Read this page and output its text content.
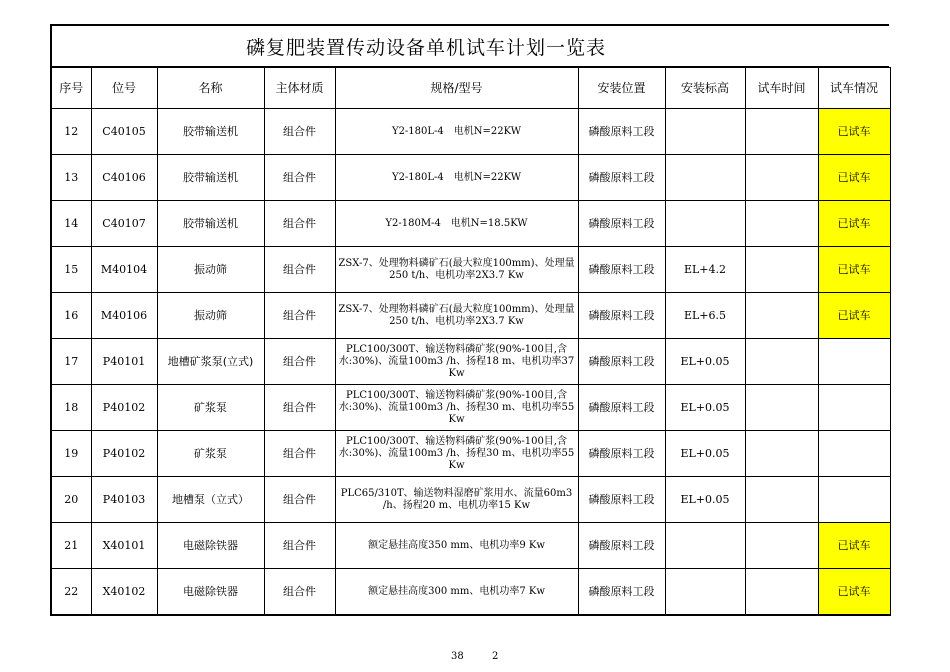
磷复肥装置传动设备单机试车计划一览表
序号	位号	名称	主体材质	规格/型号	安装位置	安装标高	试车时间	试车情况
12	C40105	胶带输送机	组合件	Y2-180L-4　电机N=22KW	磷酸原料工段			已试车
13	C40106	胶带输送机	组合件	Y2-180L-4　电机N=22KW	磷酸原料工段			已试车
14	C40107	胶带输送机	组合件	Y2-180M-4　电机N=18.5KW	磷酸原料工段			已试车
15	M40104	振动筛	组合件	ZSX-7、处理物料磷矿石(最大粒度100mm)、处理量250 t/h、电机功率2X3.7 Kw	磷酸原料工段	EL+4.2		已试车
16	M40106	振动筛	组合件	ZSX-7、处理物料磷矿石(最大粒度100mm)、处理量250 t/h、电机功率2X3.7 Kw	磷酸原料工段	EL+6.5		已试车
17	P40101	地槽矿浆泵(立式)	组合件	PLC100/300T、输送物料磷矿浆(90%-100目,含水:30%)、流量100m3 /h、扬程18 m、电机功率37 Kw	磷酸原料工段	EL+0.05		
18	P40102	矿浆泵	组合件	PLC100/300T、输送物料磷矿浆(90%-100目,含水:30%)、流量100m3 /h、扬程30 m、电机功率55 Kw	磷酸原料工段	EL+0.05		
19	P40102	矿浆泵	组合件	PLC100/300T、输送物料磷矿浆(90%-100目,含水:30%)、流量100m3 /h、扬程30 m、电机功率55 Kw	磷酸原料工段	EL+0.05		
20	P40103	地槽泵（立式）	组合件	PLC65/310T、输送物料湿磨矿浆用水、流量60m3 /h、扬程20 m、电机功率15 Kw	磷酸原料工段	EL+0.05		
21	X40101	电磁除铁器	组合件	额定悬挂高度350 mm、电机功率9 Kw	磷酸原料工段			已试车
22	X40102	电磁除铁器	组合件	额定悬挂高度300 mm、电机功率7 Kw	磷酸原料工段			已试车
38	2
